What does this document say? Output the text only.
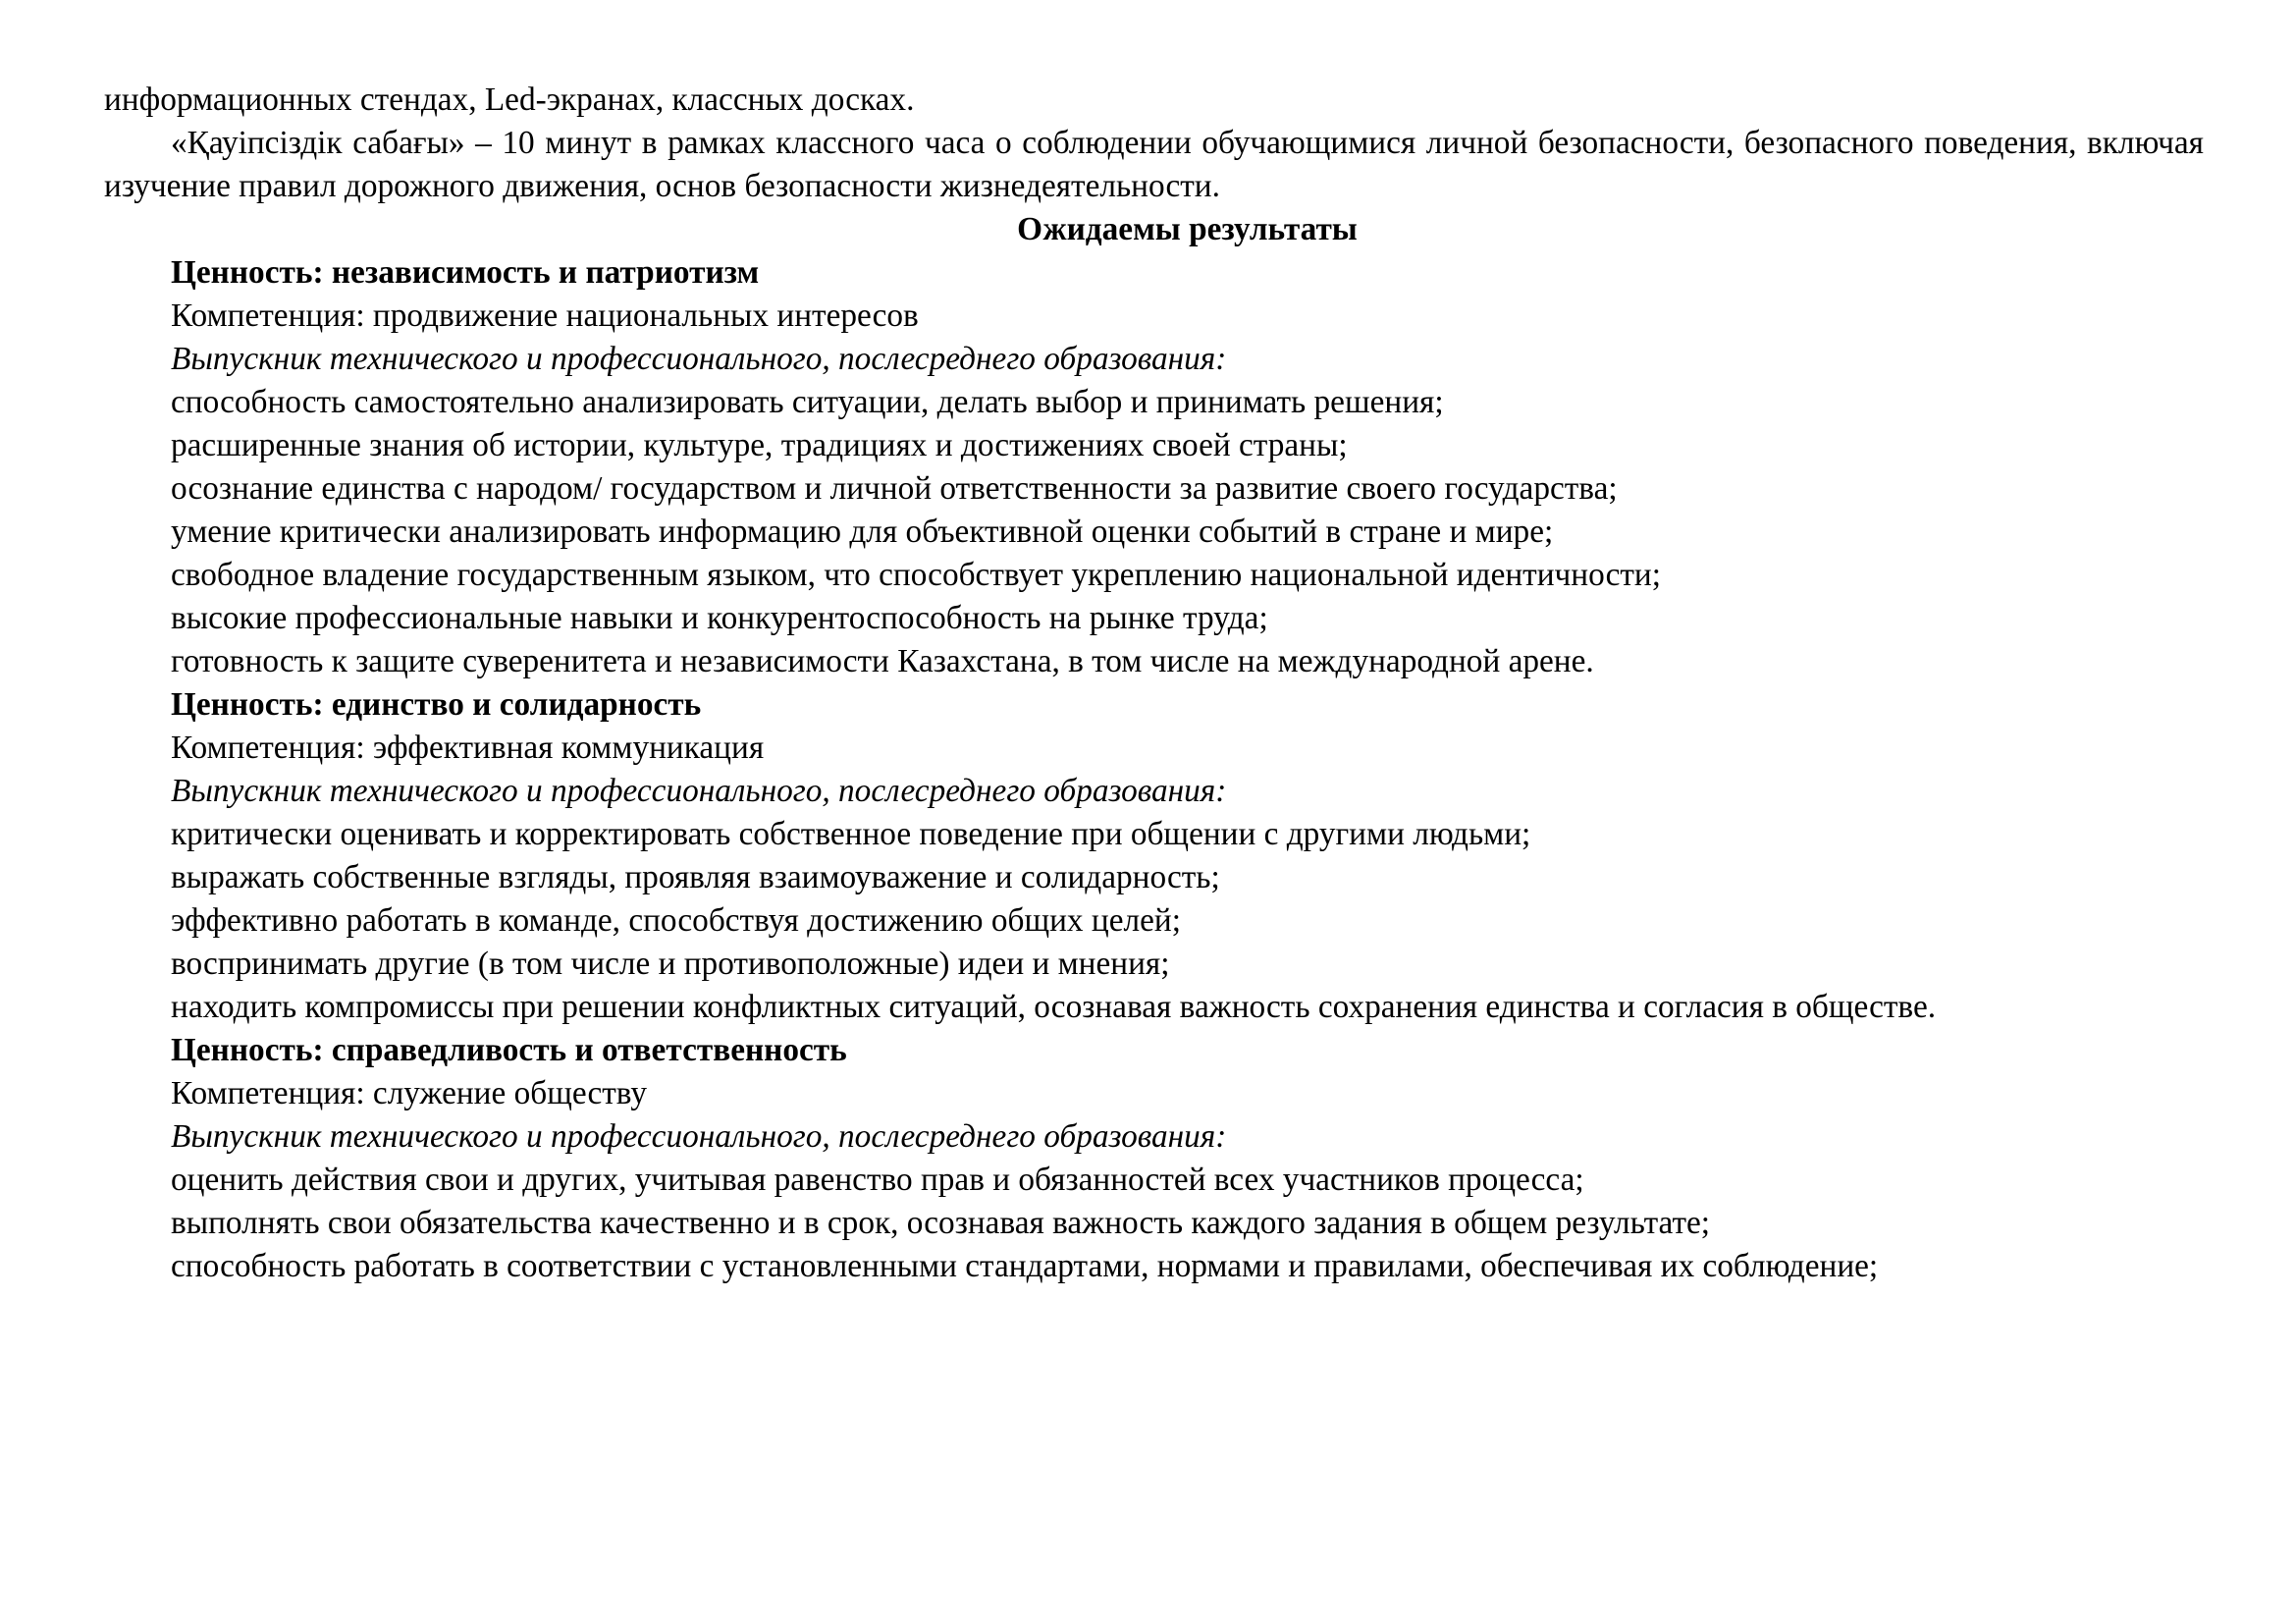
информационных стендах, Led-экранах, классных досках.

«Қауіпсіздік сабағы» – 10 минут в рамках классного часа о соблюдении обучающимися личной безопасности, безопасного поведения, включая изучение правил дорожного движения, основ безопасности жизнедеятельности.

Ожидаемы результаты

Ценность: независимость и патриотизм

Компетенция: продвижение национальных интересов

Выпускник технического и профессионального, послесреднего образования:

способность самостоятельно анализировать ситуации, делать выбор и принимать решения;

расширенные знания об истории, культуре, традициях и достижениях своей страны;

осознание единства с народом/ государством и личной ответственности за развитие своего государства;

умение критически анализировать информацию для объективной оценки событий в стране и мире;

свободное владение государственным языком, что способствует укреплению национальной идентичности;

высокие профессиональные навыки и конкурентоспособность на рынке труда;

готовность к защите суверенитета и независимости Казахстана, в том числе на международной арене.

Ценность: единство и солидарность

Компетенция: эффективная коммуникация

Выпускник технического и профессионального, послесреднего образования:

критически оценивать и корректировать собственное поведение при общении с другими людьми;

выражать собственные взгляды, проявляя взаимоуважение и солидарность;

эффективно работать в команде, способствуя достижению общих целей;

воспринимать другие (в том числе и противоположные) идеи и мнения;

находить компромиссы при решении конфликтных ситуаций, осознавая важность сохранения единства и согласия в обществе.

Ценность: справедливость и ответственность

Компетенция: служение обществу

Выпускник технического и профессионального, послесреднего образования:

оценить действия свои и других, учитывая равенство прав и обязанностей всех участников процесса;

выполнять свои обязательства качественно и в срок, осознавая важность каждого задания в общем результате;

способность работать в соответствии с установленными стандартами, нормами и правилами, обеспечивая их соблюдение;
